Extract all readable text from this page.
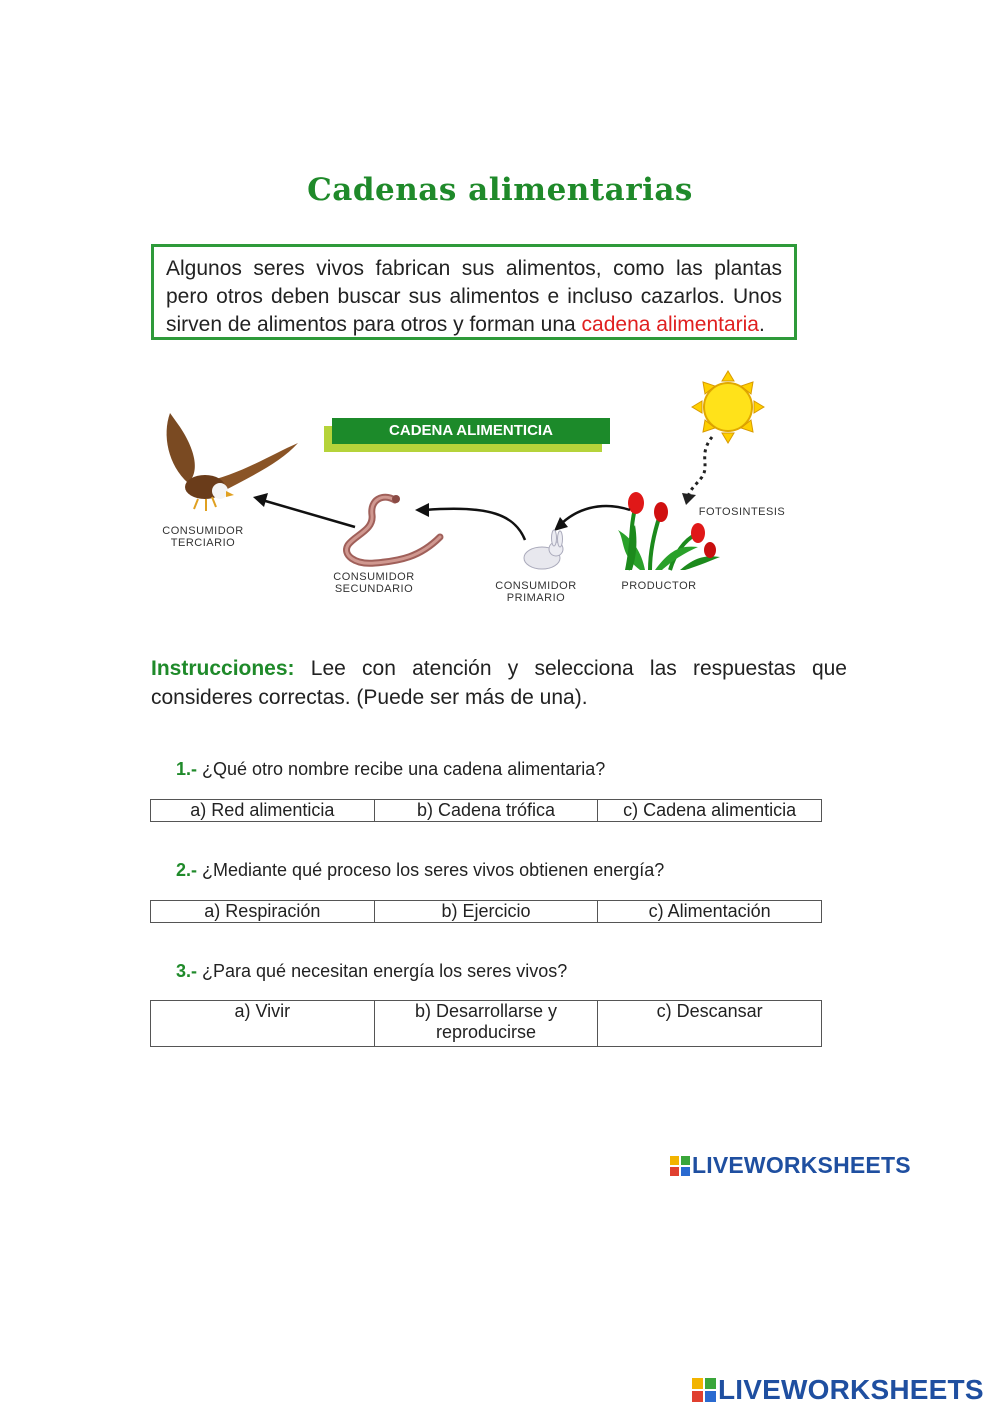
Cadenas alimentarias
Algunos seres vivos fabrican sus alimentos, como las plantas pero otros deben buscar sus alimentos e incluso cazarlos. Unos sirven de alimentos para otros y forman una cadena alimentaria.
CADENA ALIMENTICIA
CONSUMIDOR
TERCIARIO
CONSUMIDOR
SECUNDARIO	CONSUMIDOR
PRIMARIO
PRODUCTOR
FOTOSINTESIS
Instrucciones: Lee con atención y selecciona las respuestas que consideres correctas. (Puede ser más de una).
1.- ¿Qué otro nombre recibe una cadena alimentaria?
a) Red alimenticia	b) Cadena trófica	c) Cadena alimenticia
2.- ¿Mediante qué proceso los seres vivos obtienen energía?
a) Respiración	b) Ejercicio	c) Alimentación
3.- ¿Para qué necesitan energía los seres vivos?
a) Vivir	b) Desarrollarse y reproducirse	c) Descansar
LIVEWORKSHEETS
LIVEWORKSHEETS
